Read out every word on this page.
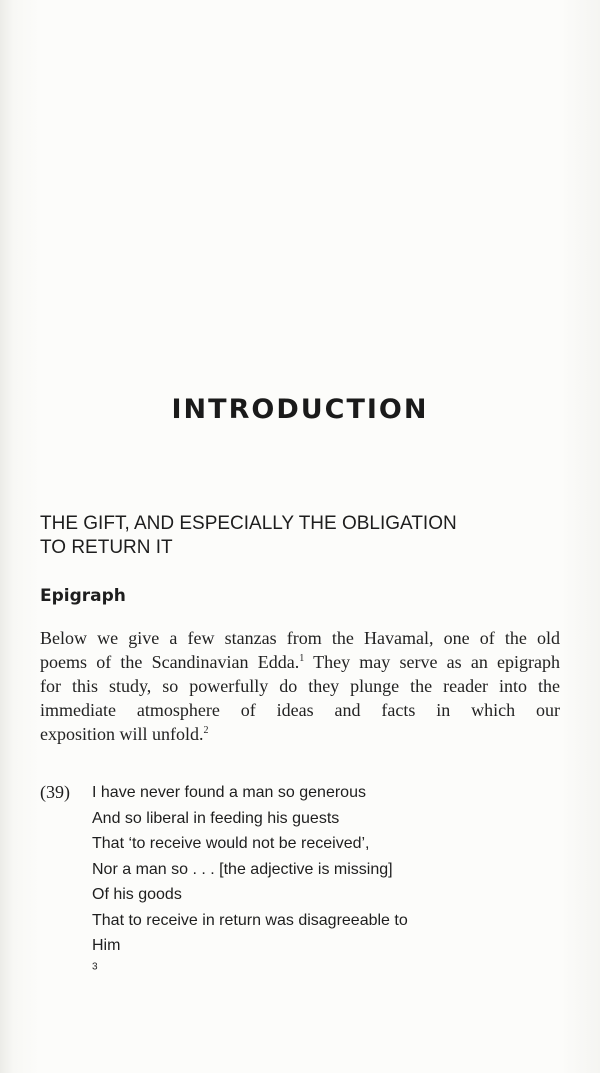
INTRODUCTION
THE GIFT, AND ESPECIALLY THE OBLIGATION
TO RETURN IT
Epigraph
Below we give a few stanzas from the Havamal, one of the old
poems of the Scandinavian Edda.$^1$ They may serve as an epigraph
for this study, so powerfully do they plunge the reader into the
immediate atmosphere of ideas and facts in which our
exposition will unfold.$^2$
(39) I have never found a man so generous
And so liberal in feeding his guests
That ‘to receive would not be received’,
Nor a man so . . . [the adjective is missing]
Of his goods
That to receive in return was disagreeable to
Him
$^3$
